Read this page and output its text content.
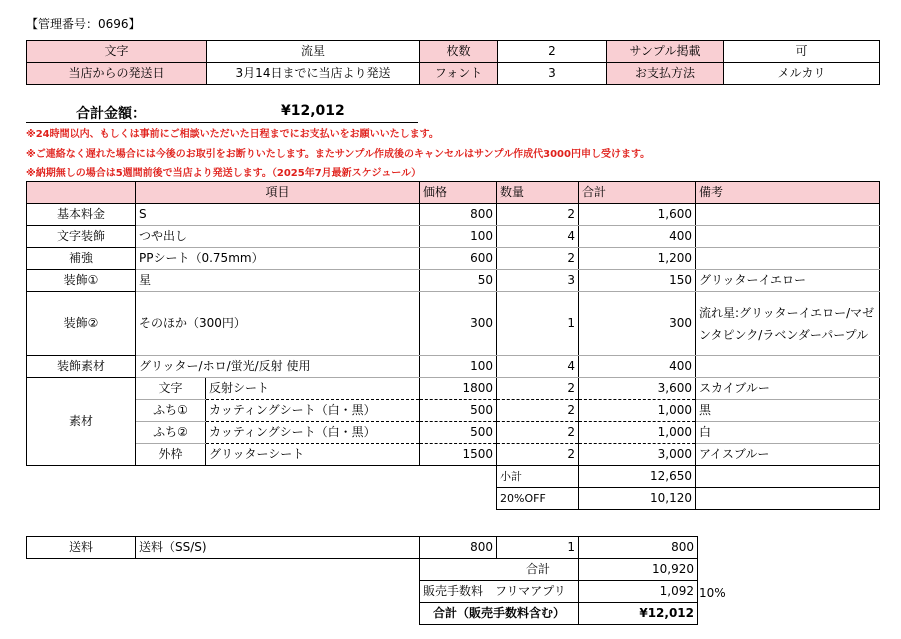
【管理番号：0696】
文字	流星	枚数	2	サンプル掲載	可
当店からの発送日	3月14日までに当店より発送	フォント	3	お支払方法	メルカリ
合計金額：	¥12,012
※24時間以内、もしくは事前にご相談いただいた日程までにお支払いをお願いいたします。
※ご連絡なく遅れた場合には今後のお取引をお断りいたします。またサンプル作成後のキャンセルはサンプル作成代3000円申し受けます。
※納期無しの場合は5週間前後で当店より発送します。（2025年7月最新スケジュール）
	項目		価格	数量	合計	備考
基本料金	S		800	2	1,600	
文字装飾	つや出し		100	4	400	
補強	PPシート（0.75mm）		600	2	1,200	
装飾①	星		50	3	150	グリッターイエロー
装飾②	そのほか（300円）		300	1	300	流れ星:グリッターイエロー/マゼンタピンク/ラベンダーパープル
装飾素材	グリッター/ホロ/蛍光/反射 使用		100	4	400	
素材	文字	反射シート	1800	2	3,600	スカイブルー
	ふち①	カッティングシート（白・黒）	500	2	1,000	黒
	ふち②	カッティングシート（白・黒）	500	2	1,000	白
	外枠	グリッターシート	1500	2	3,000	アイスブルー
				小計	12,650	
				20%OFF	10,120	
送料	送料（SS/S)	800	1	800
		合計		10,920
		販売手数料　フリマアプリ		1,092
		合計（販売手数料含む）		¥12,012
10%
